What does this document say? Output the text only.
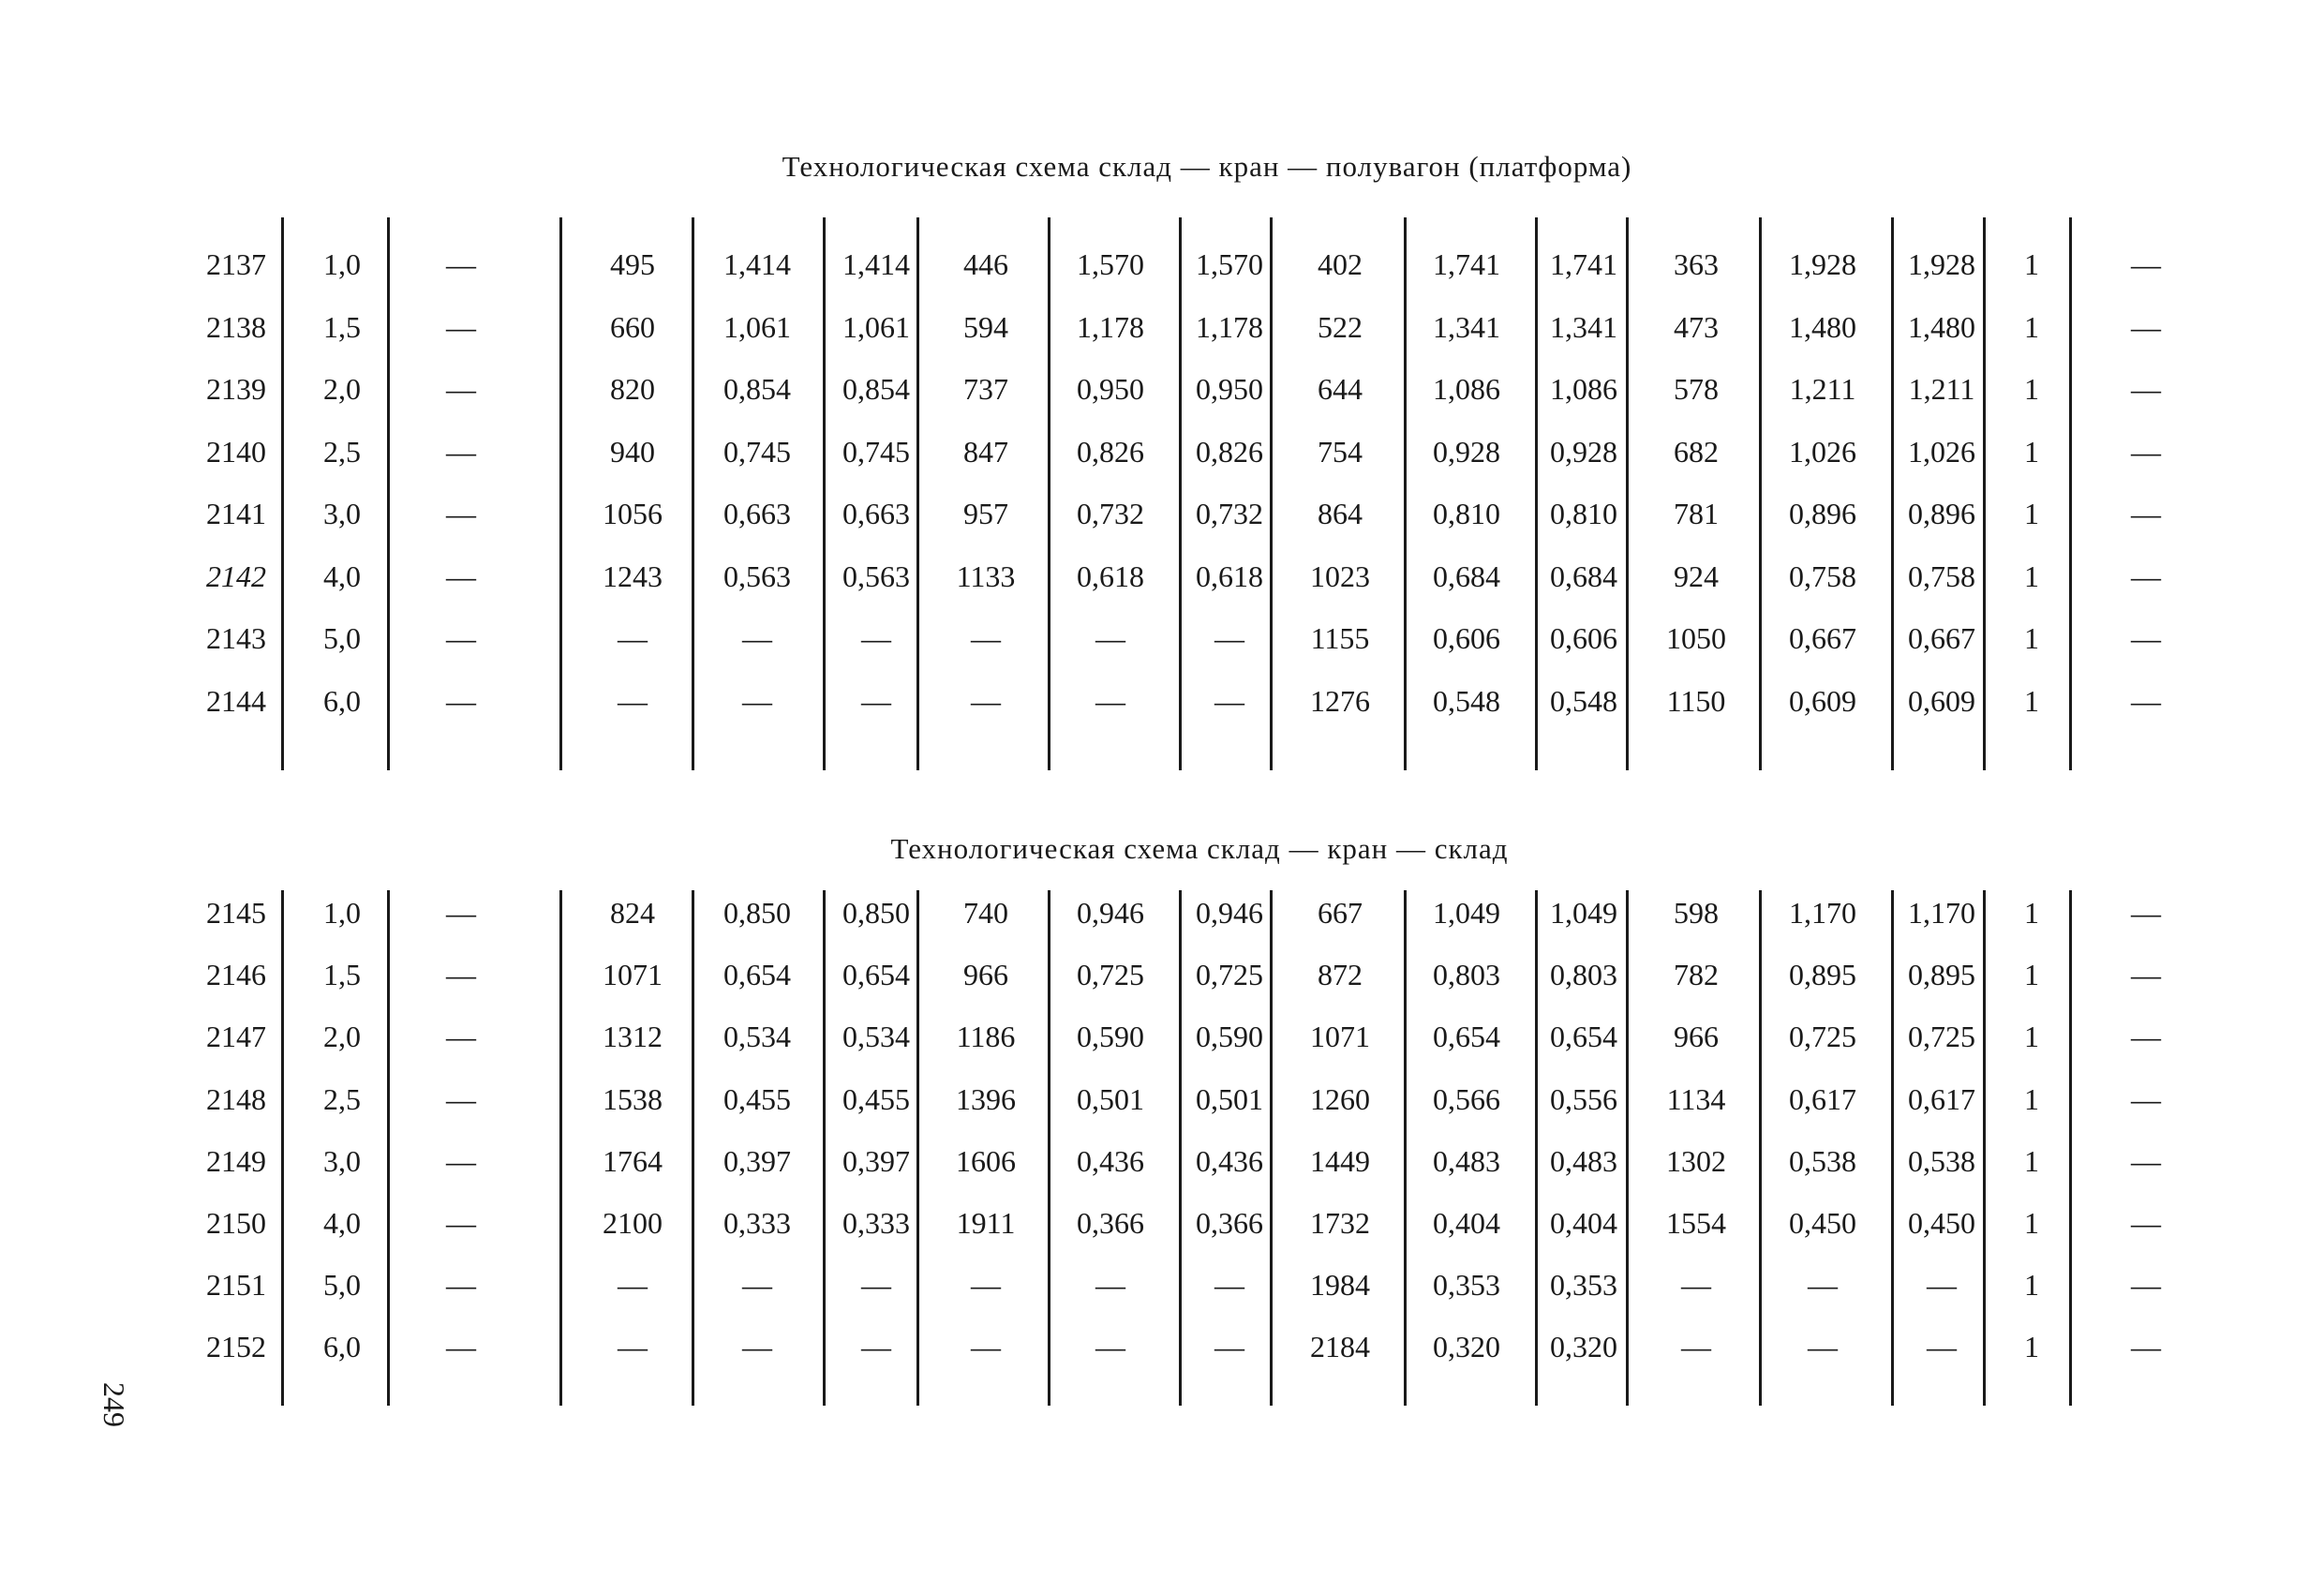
Технологическая схема склад — кран — полувагон (платформа)
2137 1,0	—	495 1,414 1,414 446 1,570 1,570 402 1,741 1,741 363 1,928 1,928 1	—
2138 1,5	—	660 1,061 1,061 594 1,178 1,178 522 1,341 1,341 473 1,480 1,480 1	—
2139 2,0	—	820 0,854 0,854 737 0,950 0,950 644 1,086 1,086 578 1,211 1,211 1	—
2140 2,5	—	940 0,745 0,745 847 0,826 0,826 754 0,928 0,928 682 1,026 1,026 1	—
2141 3,0	—	1056 0,663 0,663 957 0,732 0,732 864 0,810 0,810 781 0,896 0,896 1	—
2142 4,0	—	1243 0,563 0,563 1133 0,618 0,618 1023 0,684 0,684 924 0,758 0,758 1	—
2143 5,0	—	—	—	—	—	—	— 1155 0,606 0,606 1050 0,667 0,667 1	—
2144 6,0	—	—	—	—	—	—	— 1276 0,548 0,548 1150 0,609 0,609 1	—
Технологическая схема склад — кран — склад
2145 1,0	—	824 0,850 0,850 740 0,946 0,946 667 1,049 1,049 598 1,170 1,170 1	—
2146 1,5	—	1071 0,654 0,654 966 0,725 0,725 872 0,803 0,803 782 0,895 0,895 1	—
2147 2,0	—	1312 0,534 0,534 1186 0,590 0,590 1071 0,654 0,654 966 0,725 0,725 1	—
2148 2,5	—	1538 0,455 0,455 1396 0,501 0,501 1260 0,566 0,556 1134 0,617 0,617 1	—
2149 3,0	—	1764 0,397 0,397 1606 0,436 0,436 1449 0,483 0,483 1302 0,538 0,538 1	—
2150 4,0	—	2100 0,333 0,333 1911 0,366 0,366 1732 0,404 0,404 1554 0,450 0,450 1	—
2151 5,0	—	—	—	—	—	—	— 1984 0,353 0,353 —	—	— 1	—
2152 6,0	—	—	—	—	—	—	— 2184 0,320 0,320 —	—	— 1	—
249
